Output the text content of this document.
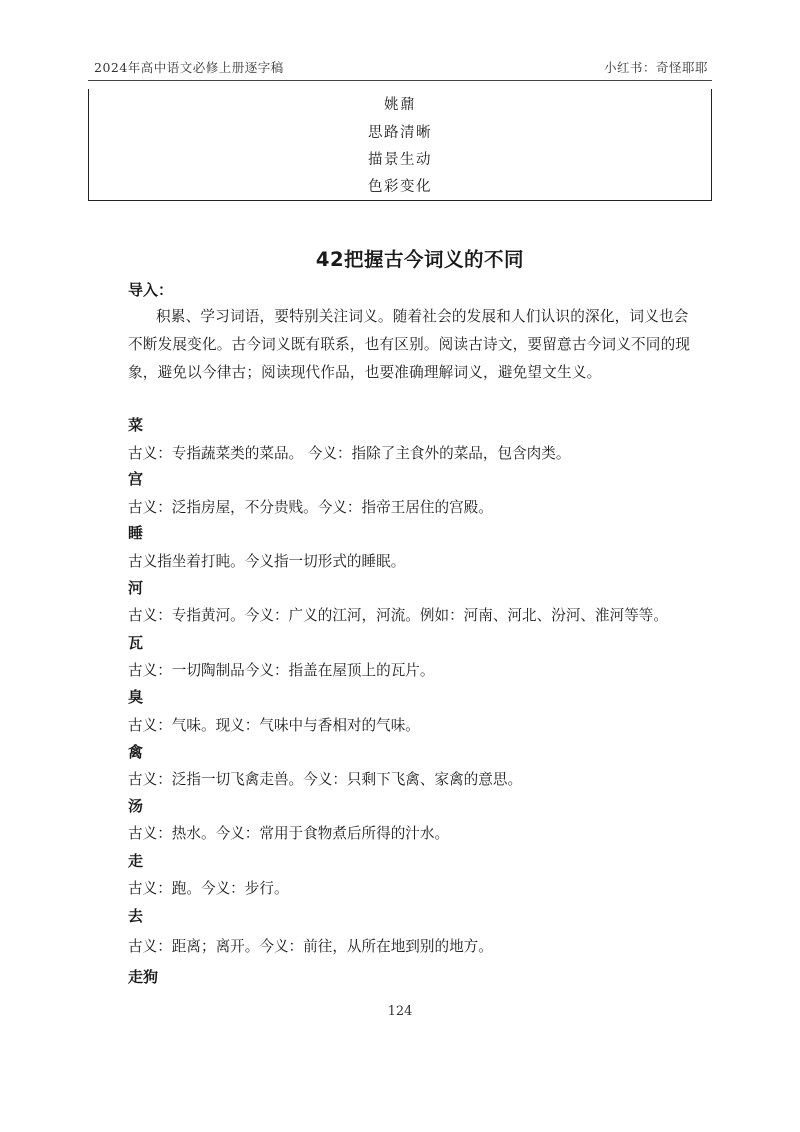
2024年高中语文必修上册逐字稿	小红书：奇怪耶耶
姚鼐
思路清晰
描景生动
色彩变化
42把握古今词义的不同
导入：
积累、学习词语，要特别关注词义。随着社会的发展和人们认识的深化，词义也会
不断发展变化。古今词义既有联系，也有区别。阅读古诗文，要留意古今词义不同的现
象，避免以今律古；阅读现代作品，也要准确理解词义，避免望文生义。
菜
古义：专指蔬菜类的菜品。 今义：指除了主食外的菜品，包含肉类。
宫
古义：泛指房屋，不分贵贱。今义：指帝王居住的宫殿。
睡
古义指坐着打盹。今义指一切形式的睡眠。
河
古义：专指黄河。今义：广义的江河，河流。例如：河南、河北、汾河、淮河等等。
瓦
古义：一切陶制品今义：指盖在屋顶上的瓦片。
臭
古义：气味。现义：气味中与香相对的气味。
禽
古义：泛指一切飞禽走兽。今义：只剩下飞禽、家禽的意思。
汤
古义：热水。今义：常用于食物煮后所得的汁水。
走
古义：跑。今义：步行。
去
古义：距离；离开。今义：前往，从所在地到别的地方。
走狗
124
